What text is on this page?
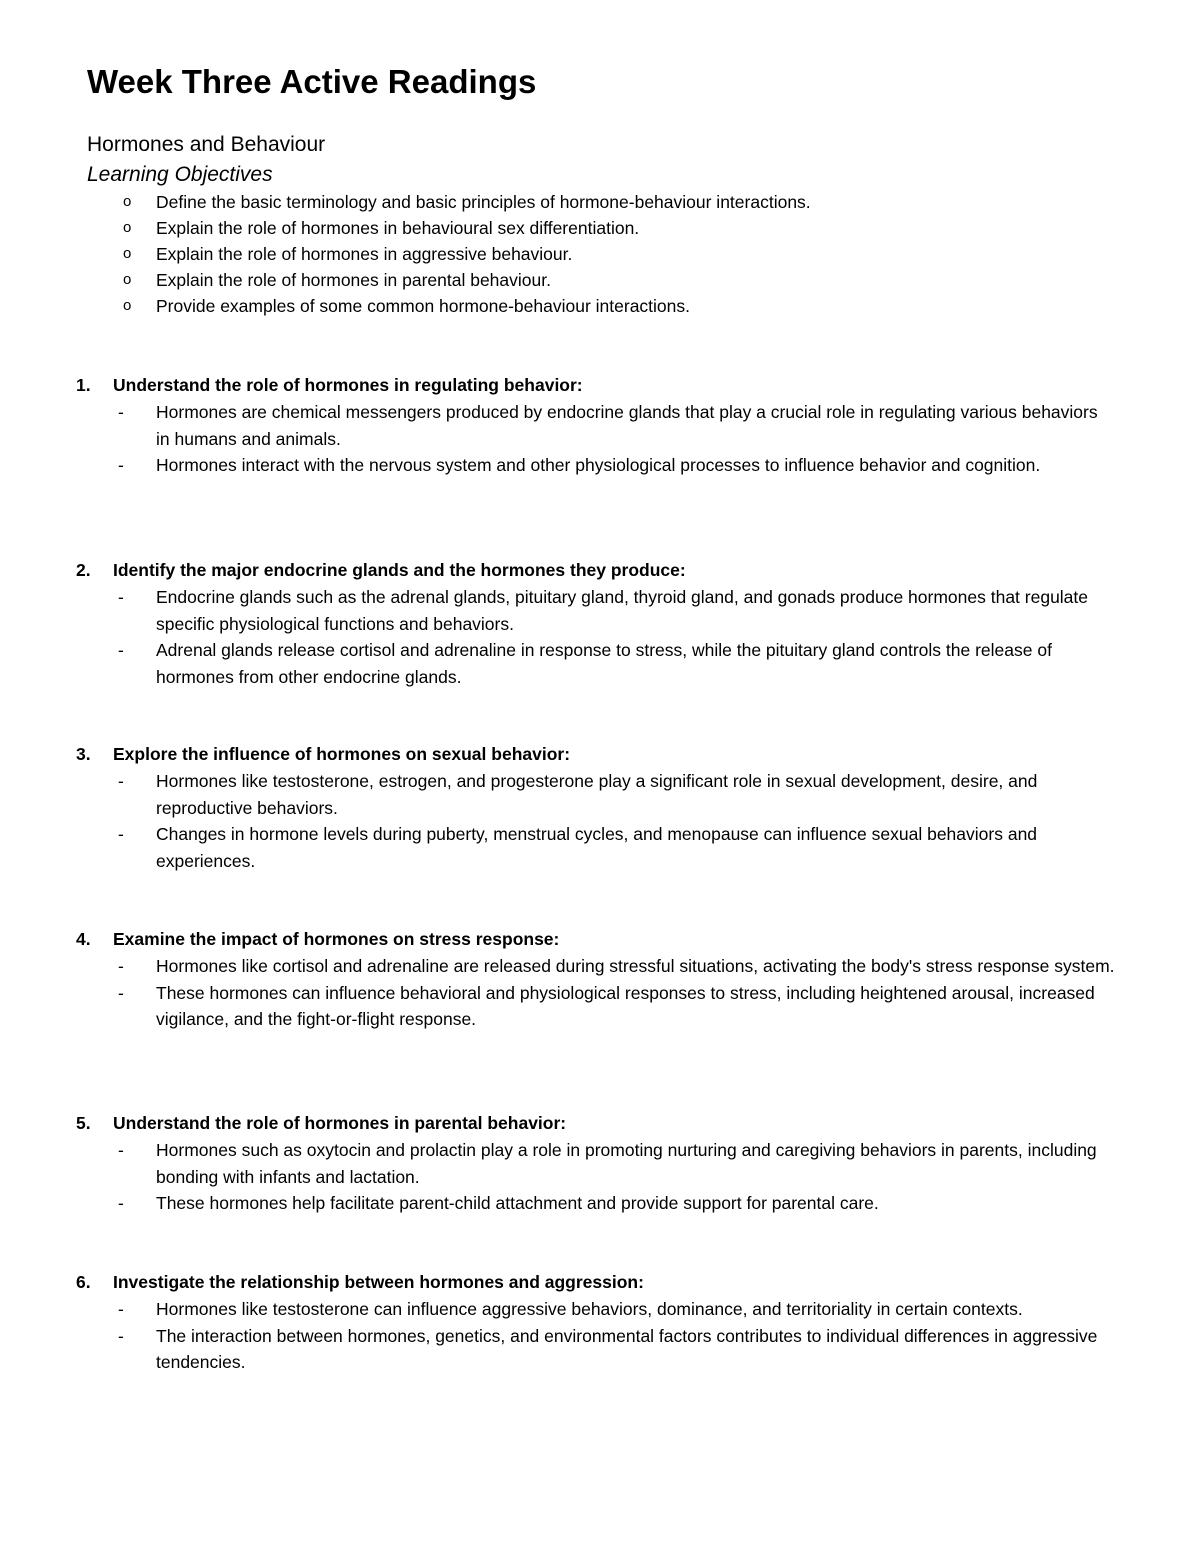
Week Three Active Readings
Hormones and Behaviour
Learning Objectives
o Define the basic terminology and basic principles of hormone-behaviour interactions.
o Explain the role of hormones in behavioural sex differentiation.
o Explain the role of hormones in aggressive behaviour.
o Explain the role of hormones in parental behaviour.
o Provide examples of some common hormone-behaviour interactions.
1. Understand the role of hormones in regulating behavior:
- Hormones are chemical messengers produced by endocrine glands that play a crucial role in regulating various behaviors in humans and animals.
- Hormones interact with the nervous system and other physiological processes to influence behavior and cognition.
2. Identify the major endocrine glands and the hormones they produce:
- Endocrine glands such as the adrenal glands, pituitary gland, thyroid gland, and gonads produce hormones that regulate specific physiological functions and behaviors.
- Adrenal glands release cortisol and adrenaline in response to stress, while the pituitary gland controls the release of hormones from other endocrine glands.
3. Explore the influence of hormones on sexual behavior:
- Hormones like testosterone, estrogen, and progesterone play a significant role in sexual development, desire, and reproductive behaviors.
- Changes in hormone levels during puberty, menstrual cycles, and menopause can influence sexual behaviors and experiences.
4. Examine the impact of hormones on stress response:
- Hormones like cortisol and adrenaline are released during stressful situations, activating the body's stress response system.
- These hormones can influence behavioral and physiological responses to stress, including heightened arousal, increased vigilance, and the fight-or-flight response.
5. Understand the role of hormones in parental behavior:
- Hormones such as oxytocin and prolactin play a role in promoting nurturing and caregiving behaviors in parents, including bonding with infants and lactation.
- These hormones help facilitate parent-child attachment and provide support for parental care.
6. Investigate the relationship between hormones and aggression:
- Hormones like testosterone can influence aggressive behaviors, dominance, and territoriality in certain contexts.
- The interaction between hormones, genetics, and environmental factors contributes to individual differences in aggressive tendencies.
